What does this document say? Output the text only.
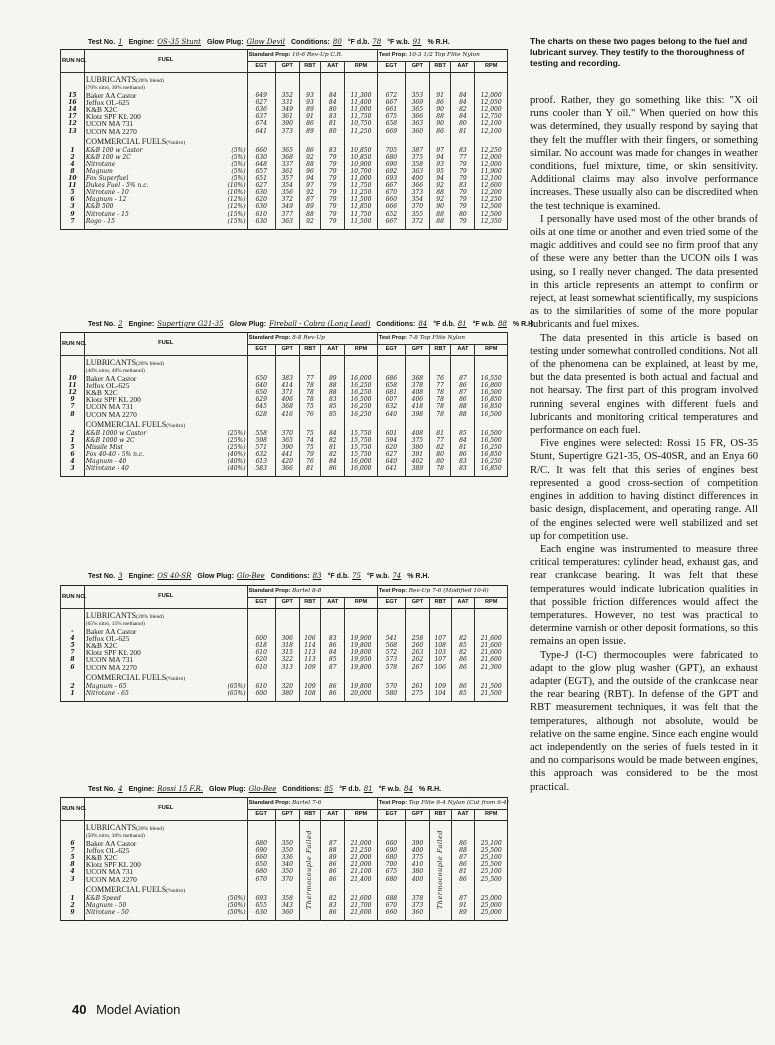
The charts on these two pages belong to the fuel and lubricant survey. They testify to the thoroughness of testing and recording.

Test No. 1 Engine: OS-35 Stunt Glow Plug: Glow Devil Conditions: 80 °F d.b. 78 °F w.b. 91 % R.H.
RUN NO.	FUEL	Standard Prop: 10-6 Rev-Up C.R.					Test Prop: 10-3 1/2 Top Flite Nylon				
		EGT	GPT	RBT	AAT	RPM	EGT	GPT	RBT	AAT	RPM
	LUBRICANTS(20% blend)										
	(70% nitro, 30% methanol)										
15	Baker AA Castor	649	352	93	84	11,300	672	353	91	84	12,000
16	Jeffox OL-625	627	331	93	84	11,400	667	369	86	84	12,050
14	K&B X2C	636	349	89	80	11,000	661	365	90	82	12,000
17	Klotz SPF KL 200	637	361	91	83	11,750	675	366	88	84	12,750
12	UCON MA 731	674	390	86	81	10,750	658	363	90	80	12,100
13	UCON MA 2270	641	373	89	80	11,250	669	360	86	81	12,100
	COMMERCIAL FUELS(%nitro)										
1	K&B 100 w Castor (5%)	660	365	86	83	10,850	705	387	97	83	12,250
2	K&B 100 w 2C (5%)	630	368	92	79	10,850	680	375	94	77	12,000
4	Nitrotane (5%)	648	337	88	79	10,900	690	358	93	79	12,000
8	Magnum (5%)	657	361	96	79	10,700	692	363	95	79	11,900
10	Fox Superfuel (5%)	651	357	94	79	11,000	693	400	94	79	12,100
11	Dukes Fuel - 5% n.c. (10%)	627	354	97	79	11,750	667	366	92	83	12,600
5	Nitrotane - 10 (10%)	630	356	92	79	11,250	670	373	88	79	12,200
6	Magnum - 12 (12%)	620	372	87	79	11,500	660	354	92	79	12,250
3	K&B 500 (12%)	630	349	89	79	11,850	666	370	90	79	12,500
9	Nitrotane - 15 (15%)	610	377	88	79	11,750	652	355	88	80	12,500
7	Rogo - 15 (15%)	630	363	92	79	11,500	667	372	88	79	12,350

Test No. 2 Engine: Supertigre G21-35 Glow Plug: Fireball - Cobra (Long Lead) Conditions: 84 °F d.b. 81 °F w.b. 88 % R.H.
RUN NO.	FUEL	Standard Prop: 8-8 Rev-Up					Test Prop: 7-8 Top Flite Nylon				
		EGT	GPT	RBT	AAT	RPM	EGT	GPT	RBT	AAT	RPM
	LUBRICANTS(20% blend)										
	(40% nitro, 40% methanol)										
10	Baker AA Castor	650	383	77	89	16,000	686	368	76	87	16,550
11	Jeffox OL-625	640	414	78	88	16,250	658	378	77	86	16,800
12	K&B X2C	650	371	78	88	16,250	681	408	78	87	16,500
9	Klotz SPF KL 200	629	406	78	83	16,500	607	406	78	86	16,850
7	UCON MA 731	645	368	75	85	16,250	632	418	78	88	16,850
8	UCON MA 2270	628	416	76	85	16,250	640	398	78	88	16,500
	COMMERCIAL FUELS(%nitro)										
2	K&B 1000 w Castor (25%)	558	370	75	84	15,750	601	408	81	85	16,500
1	K&B 1000 w 2C (25%)	598	365	74	82	15,750	594	375	77	84	16,500
5	Missile Mist (25%)	571	390	75	81	15,750	620	380	82	81	16,250
6	Fox 40-40 - 5% n.c. (40%)	632	441	79	82	15,750	627	391	80	86	16,850
4	Magnum - 40 (40%)	613	420	76	84	16,000	640	402	80	83	16,250
3	Nitrotane - 40 (40%)	583	366	81	86	16,000	641	389	78	83	16,850

Test No. 3 Engine: OS 40-SR Glow Plug: Glo-Bee Conditions: 83 °F d.b. 75 °F w.b. 74 % R.H.
RUN NO.	FUEL	Standard Prop: Bartel 8-8					Test Prop: Rev-Up 7-6 (Modified 10-6)				
		EGT	GPT	RBT	AAT	RPM	EGT	GPT	RBT	AAT	RPM
	LUBRICANTS(20% blend)										
	(65% nitro, 15% methanol)										
-	Baker AA Castor										
4	Jeffox OL-625	600	306	106	83	19,900	541	258	107	82	21,600
5	K&B X2C	618	318	114	86	19,800	568	260	108	85	21,600
7	Klotz SPF KL 200	610	315	113	84	19,800	572	263	103	82	21,600
8	UCON MA 731	620	322	113	85	19,950	573	262	107	86	21,600
6	UCON MA 2270	610	313	109	87	19,800	578	267	106	86	21,300
	COMMERCIAL FUELS(%nitro)										
2	Magnum - 65 (65%)	610	320	109	86	19,800	570	261	109	86	21,500
1	Nitrotane - 65 (65%)	600	380	108	86	20,000	580	275	104	85	21,500

Test No. 4 Engine: Rossi 15 F.R. Glow Plug: Glo-Bee Conditions: 85 °F d.b. 81 °F w.b. 84 % R.H.
RUN NO.	FUEL	Standard Prop: Bartel 7-6					Test Prop: Top Flite 6-4 Nylon (Cut from 6-4)				
		EGT	GPT	RBT	AAT	RPM	EGT	GPT	RBT	AAT	RPM
	LUBRICANTS(20% blend)			Thermocouple Failed					Thermocouple Failed		
	(50% nitro, 30% methanol)										
6	Baker AA Castor	680	350		87	21,000	660	390		86	25,100
7	Jeffox OL-625	690	350		88	21,250	690	400		88	25,500
5	K&B X2C	660	336		89	21,000	680	375		87	25,100
8	Klotz SPF KL 200	650	340		86	21,000	700	410		86	25,500
4	UCON MA 731	680	350		86	21,100	675	380		81	25,100
3	UCON MA 2270	670	370		86	21,400	680	400		86	25,500
	COMMERCIAL FUELS(%nitro)										
1	K&B Speed (50%)	693	358		82	21,600	688	378		87	25,000
2	Magnum - 50 (50%)	655	343		83	21,700	670	373		91	25,000
9	Nitrotane - 50 (50%)	630	360		86	21,600	660	360		89	25,000

proof. Rather, they go something like this: "X oil runs cooler than Y oil." When queried on how this was determined, they usually respond by saying that they felt the muffler with their fingers, or something similar. No account was made for changes in weather conditions, fuel mixture, time, or skin sensitivity. Additional claims may also involve performance increases. These usually also can be discredited when the test technique is examined.

I personally have used most of the other brands of oils at one time or another and even tried some of the magic additives and could see no firm proof that any of these were any better than the UCON oils I was using, so I really never changed. The data presented in this article represents an attempt to confirm or reject, at least somewhat scientifically, my suspicions as to the similarities of some of the more popular lubricants and fuel mixes.

The data presented in this article is based on testing under somewhat controlled conditions. Not all of the phenomena can be explained, at least by me, but the data presented is both actual and factual and not hearsay. The first part of this program involved running several engines with different fuels and lubricants and monitoring critical temperatures and performance on each fuel.

Five engines were selected: Rossi 15 FR, OS-35 Stunt, Supertigre G21-35, OS-40SR, and an Enya 60 R/C. It was felt that this series of engines best represented a good cross-section of competition engines in addition to having distinct differences in basic design, displacement, and operating range. All of the engines selected were well stabilized and set up for competition use.

Each engine was instrumented to measure three critical temperatures: cylinder head, exhaust gas, and rear crankcase bearing. It was felt that these temperatures would indicate lubrication qualities in that possible friction differences would affect the temperatures. However, no test was practical to determine varnish or other deposit formations, so this remains an open issue.

Type-J (I-C) thermocouples were fabricated to adapt to the glow plug washer (GPT), an exhaust adapter (EGT), and the outside of the crankcase near the rear bearing (RBT). In defense of the GPT and RBT measurement techniques, it was felt that the temperatures, although not absolute, would be relative on the same engine. Since each engine would act independently on the series of fuels tested in it and no comparisons would be made between engines, this approach was considered to be the most practical.

40 Model Aviation
